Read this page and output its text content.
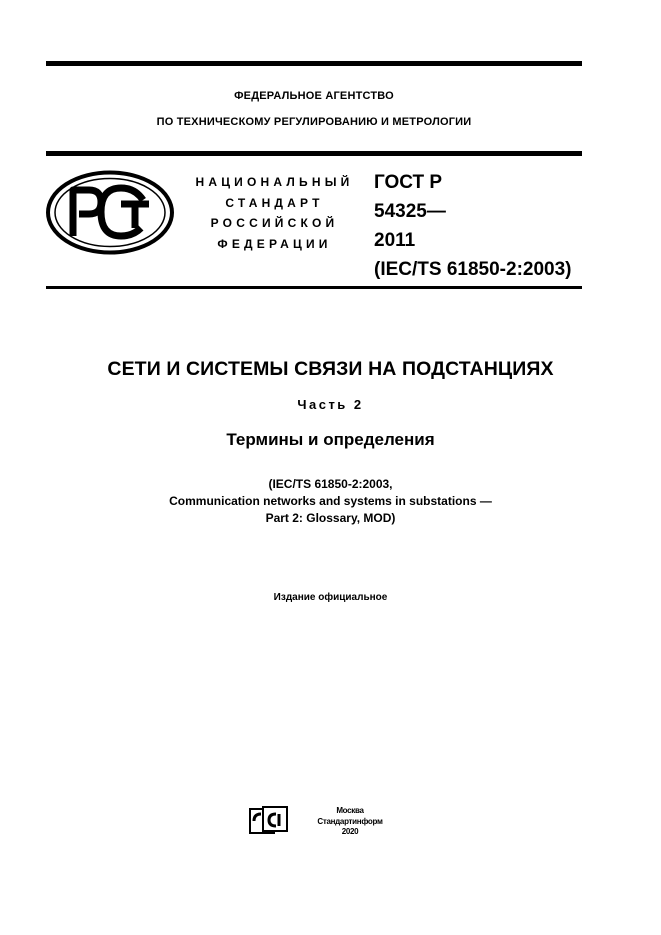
ФЕДЕРАЛЬНОЕ АГЕНТСТВО
ПО ТЕХНИЧЕСКОМУ РЕГУЛИРОВАНИЮ И МЕТРОЛОГИИ
НАЦИОНАЛЬНЫЙ
СТАНДАРТ
РОССИЙСКОЙ
ФЕДЕРАЦИИ
ГОСТ Р
54325—
2011
(IEC/TS 61850-2:2003)
СЕТИ И СИСТЕМЫ СВЯЗИ НА ПОДСТАНЦИЯХ
Часть 2
Термины и определения
(IEC/TS 61850-2:2003,
Communication networks and systems in substations —
Part 2: Glossary, MOD)
Издание официальное
Москва
Стандартинформ
2020
